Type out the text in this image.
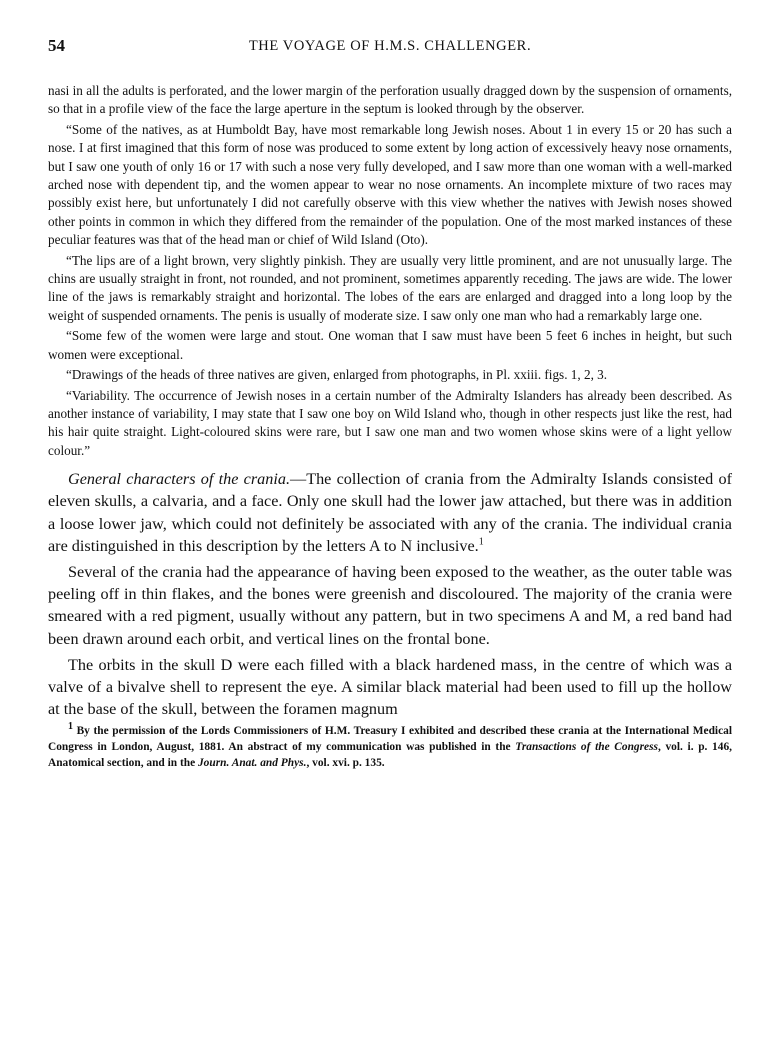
54	THE VOYAGE OF H.M.S. CHALLENGER.

nasi in all the adults is perforated, and the lower margin of the perforation usually dragged down by the suspension of ornaments, so that in a profile view of the face the large aperture in the septum is looked through by the observer.

“Some of the natives, as at Humboldt Bay, have most remarkable long Jewish noses. About 1 in every 15 or 20 has such a nose. I at first imagined that this form of nose was produced to some extent by long action of excessively heavy nose ornaments, but I saw one youth of only 16 or 17 with such a nose very fully developed, and I saw more than one woman with a well-marked arched nose with dependent tip, and the women appear to wear no nose ornaments. An incomplete mixture of two races may possibly exist here, but unfortunately I did not carefully observe with this view whether the natives with Jewish noses showed other points in common in which they differed from the remainder of the population. One of the most marked instances of these peculiar features was that of the head man or chief of Wild Island (Oto).

“The lips are of a light brown, very slightly pinkish. They are usually very little prominent, and are not unusually large. The chins are usually straight in front, not rounded, and not prominent, sometimes apparently receding. The jaws are wide. The lower line of the jaws is remarkably straight and horizontal. The lobes of the ears are enlarged and dragged into a long loop by the weight of suspended ornaments. The penis is usually of moderate size. I saw only one man who had a remarkably large one.

“Some few of the women were large and stout. One woman that I saw must have been 5 feet 6 inches in height, but such women were exceptional.

“Drawings of the heads of three natives are given, enlarged from photographs, in Pl. xxiii. figs. 1, 2, 3.

“Variability. The occurrence of Jewish noses in a certain number of the Admiralty Islanders has already been described. As another instance of variability, I may state that I saw one boy on Wild Island who, though in other respects just like the rest, had his hair quite straight. Light-coloured skins were rare, but I saw one man and two women whose skins were of a light yellow colour.”

General characters of the crania.—The collection of crania from the Admiralty Islands consisted of eleven skulls, a calvaria, and a face. Only one skull had the lower jaw attached, but there was in addition a loose lower jaw, which could not definitely be associated with any of the crania. The individual crania are distinguished in this description by the letters A to N inclusive.$^1$

Several of the crania had the appearance of having been exposed to the weather, as the outer table was peeling off in thin flakes, and the bones were greenish and discoloured. The majority of the crania were smeared with a red pigment, usually without any pattern, but in two specimens A and M, a red band had been drawn around each orbit, and vertical lines on the frontal bone.

The orbits in the skull D were each filled with a black hardened mass, in the centre of which was a valve of a bivalve shell to represent the eye. A similar black material had been used to fill up the hollow at the base of the skull, between the foramen magnum

$^1$ By the permission of the Lords Commissioners of H.M. Treasury I exhibited and described these crania at the International Medical Congress in London, August, 1881. An abstract of my communication was published in the Transactions of the Congress, vol. i. p. 146, Anatomical section, and in the Journ. Anat. and Phys., vol. xvi. p. 135.
